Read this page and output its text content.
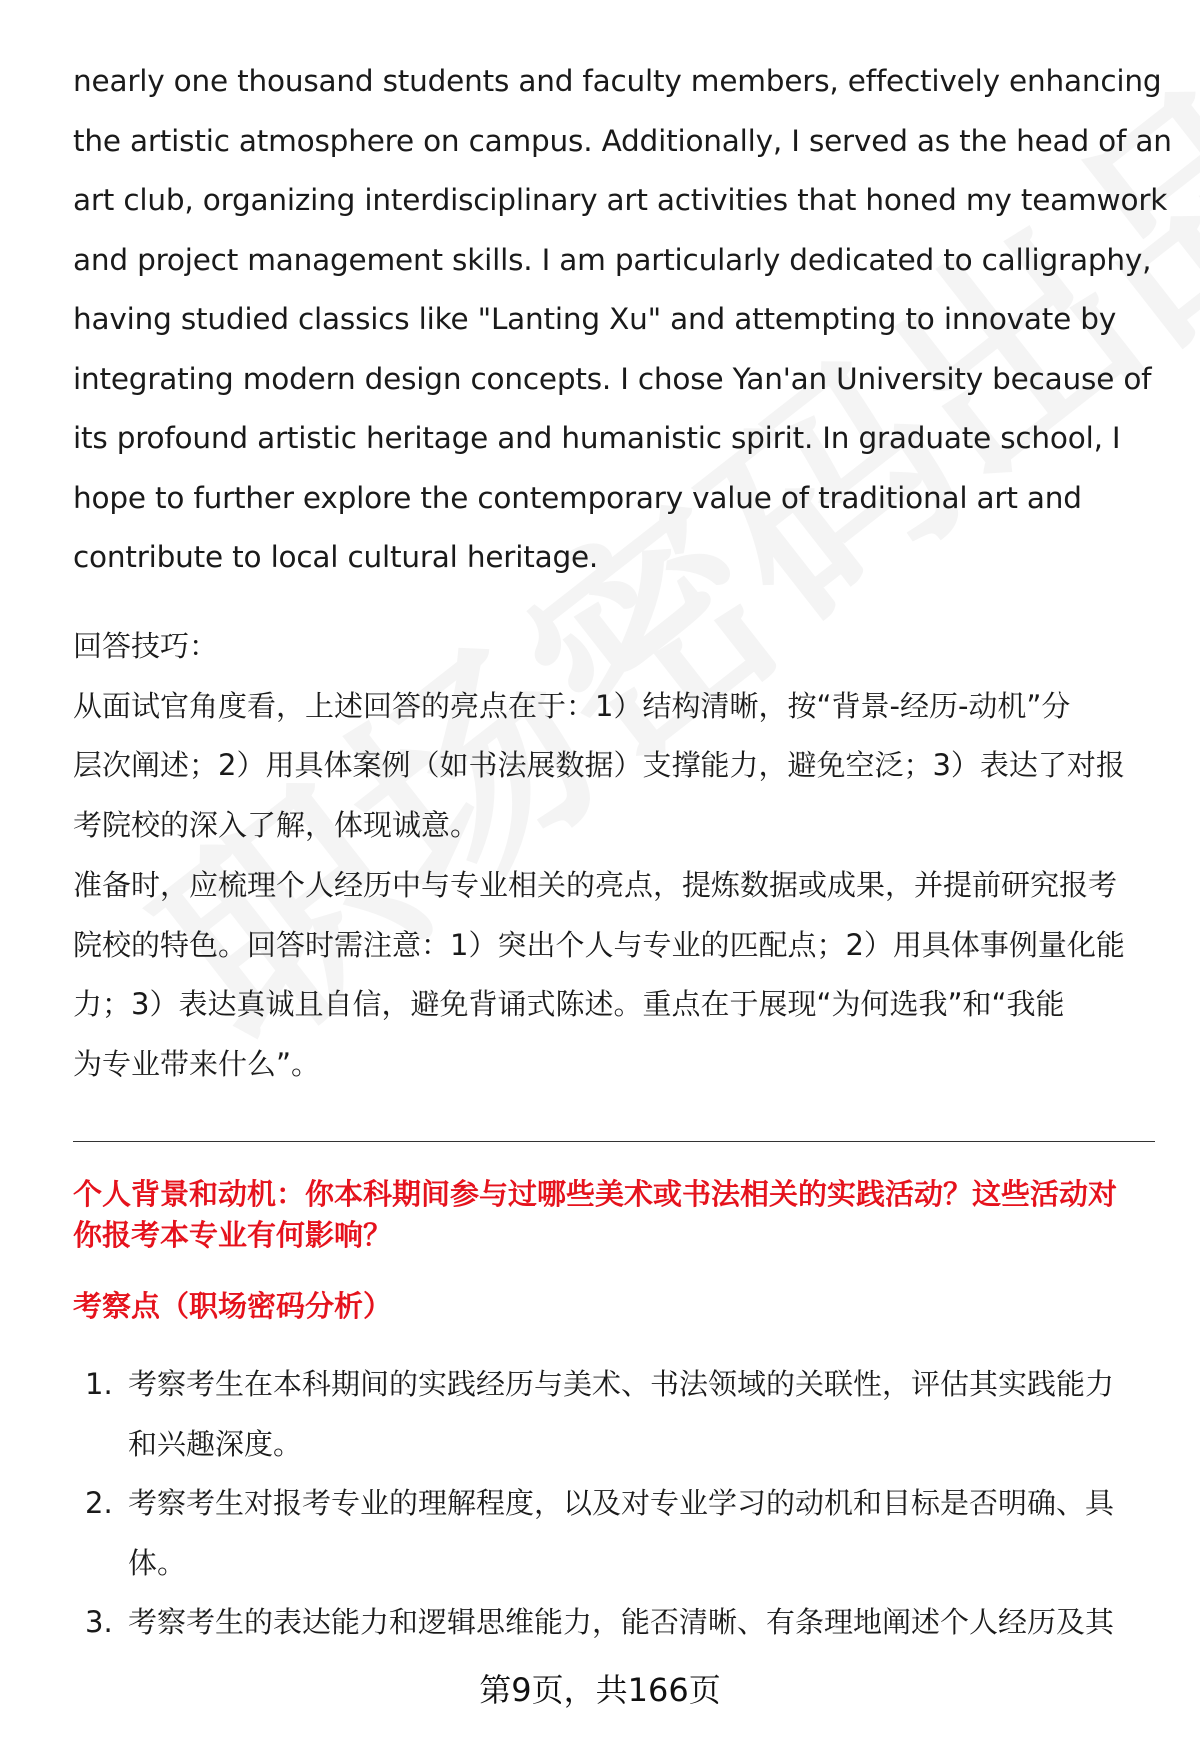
nearly one thousand students and faculty members, effectively enhancing
the artistic atmosphere on campus. Additionally, I served as the head of an
art club, organizing interdisciplinary art activities that honed my teamwork
and project management skills. I am particularly dedicated to calligraphy,
having studied classics like "Lanting Xu" and attempting to innovate by
integrating modern design concepts. I chose Yan'an University because of
its profound artistic heritage and humanistic spirit. In graduate school, I
hope to further explore the contemporary value of traditional art and
contribute to local cultural heritage.
回答技巧：
从面试官角度看，上述回答的亮点在于：1）结构清晰，按“背景-经历-动机”分
层次阐述；2）用具体案例（如书法展数据）支撑能力，避免空泛；3）表达了对报
考院校的深入了解，体现诚意。
准备时，应梳理个人经历中与专业相关的亮点，提炼数据或成果，并提前研究报考
院校的特色。回答时需注意：1）突出个人与专业的匹配点；2）用具体事例量化能
力；3）表达真诚且自信，避免背诵式陈述。重点在于展现“为何选我”和“我能
为专业带来什么”。
个人背景和动机：你本科期间参与过哪些美术或书法相关的实践活动？这些活动对
你报考本专业有何影响？
考察点（职场密码分析）
1. 考察考生在本科期间的实践经历与美术、书法领域的关联性，评估其实践能力
和兴趣深度。
2. 考察考生对报考专业的理解程度，以及对专业学习的动机和目标是否明确、具
体。
3. 考察考生的表达能力和逻辑思维能力，能否清晰、有条理地阐述个人经历及其
第9页，共166页
